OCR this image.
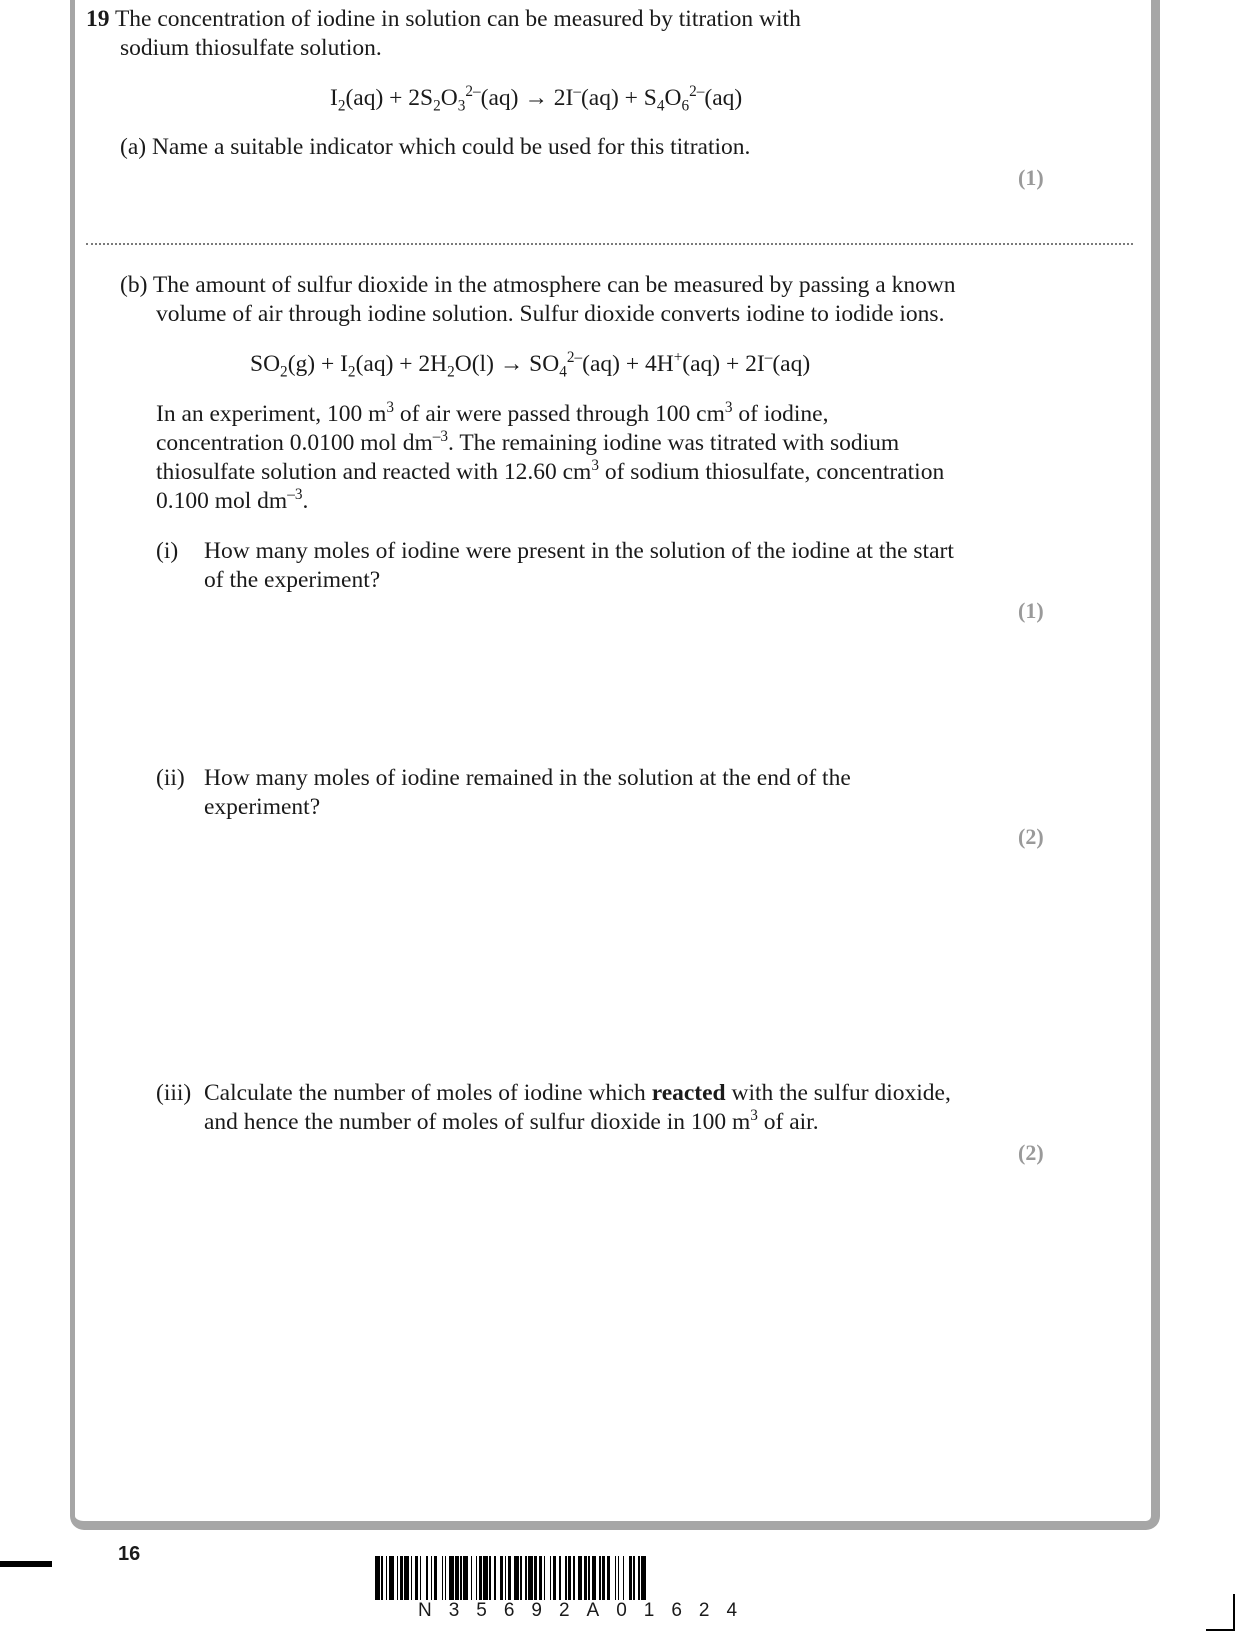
19 The concentration of iodine in solution can be measured by titration with
sodium thiosulfate solution.
$I_2(aq) + 2S_2O_3^{2-}(aq) \to 2I^-(aq) + S_4O_6^{2-}(aq)$
(a) Name a suitable indicator which could be used for this titration.
(1)
(b) The amount of sulfur dioxide in the atmosphere can be measured by passing a known
volume of air through iodine solution. Sulfur dioxide converts iodine to iodide ions.
$SO_2(g) + I_2(aq) + 2H_2O(l) \to SO_4^{2-}(aq) + 4H^+(aq) + 2I^-(aq)$
In an experiment, 100 $m^3$ of air were passed through 100 $cm^3$ of iodine,
concentration 0.0100 mol $dm^{-3}$. The remaining iodine was titrated with sodium
thiosulfate solution and reacted with 12.60 $cm^3$ of sodium thiosulfate, concentration
0.100 mol $dm^{-3}$.
(i) How many moles of iodine were present in the solution of the iodine at the start
of the experiment?
(1)
(ii) How many moles of iodine remained in the solution at the end of the
experiment?
(2)
(iii) Calculate the number of moles of iodine which reacted with the sulfur dioxide,
and hence the number of moles of sulfur dioxide in 100 $m^3$ of air.
(2)
16
N35692A01624
